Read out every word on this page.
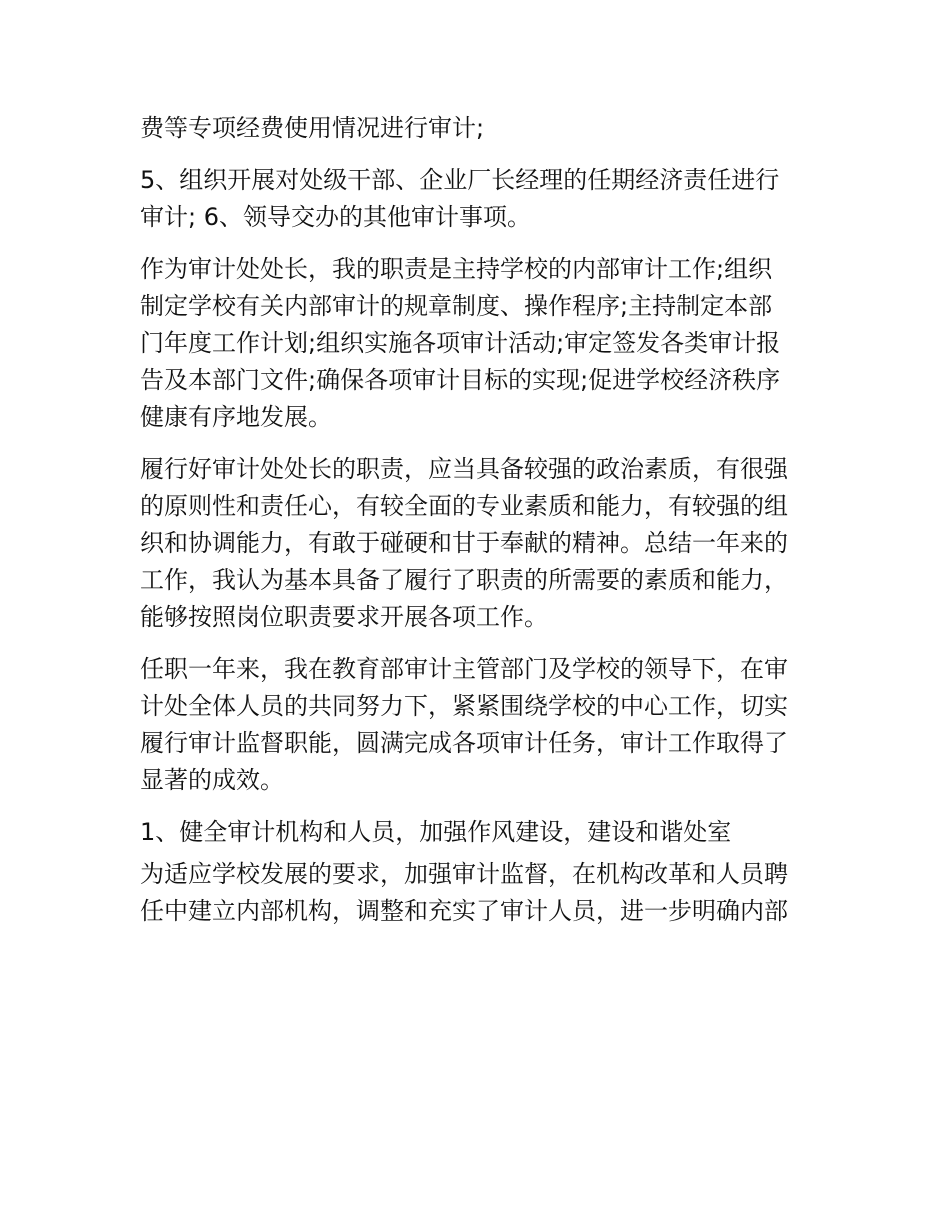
费等专项经费使用情况进行审计;

5、组织开展对处级干部、企业厂长经理的任期经济责任进行
审计; 6、领导交办的其他审计事项。

作为审计处处长，我的职责是主持学校的内部审计工作;组织
制定学校有关内部审计的规章制度、操作程序;主持制定本部
门年度工作计划;组织实施各项审计活动;审定签发各类审计报
告及本部门文件;确保各项审计目标的实现;促进学校经济秩序
健康有序地发展。

履行好审计处处长的职责，应当具备较强的政治素质，有很强
的原则性和责任心，有较全面的专业素质和能力，有较强的组
织和协调能力，有敢于碰硬和甘于奉献的精神。总结一年来的
工作，我认为基本具备了履行了职责的所需要的素质和能力，
能够按照岗位职责要求开展各项工作。

任职一年来，我在教育部审计主管部门及学校的领导下，在审
计处全体人员的共同努力下，紧紧围绕学校的中心工作，切实
履行审计监督职能，圆满完成各项审计任务，审计工作取得了
显著的成效。

1、健全审计机构和人员，加强作风建设，建设和谐处室

为适应学校发展的要求，加强审计监督，在机构改革和人员聘
任中建立内部机构，调整和充实了审计人员，进一步明确内部
